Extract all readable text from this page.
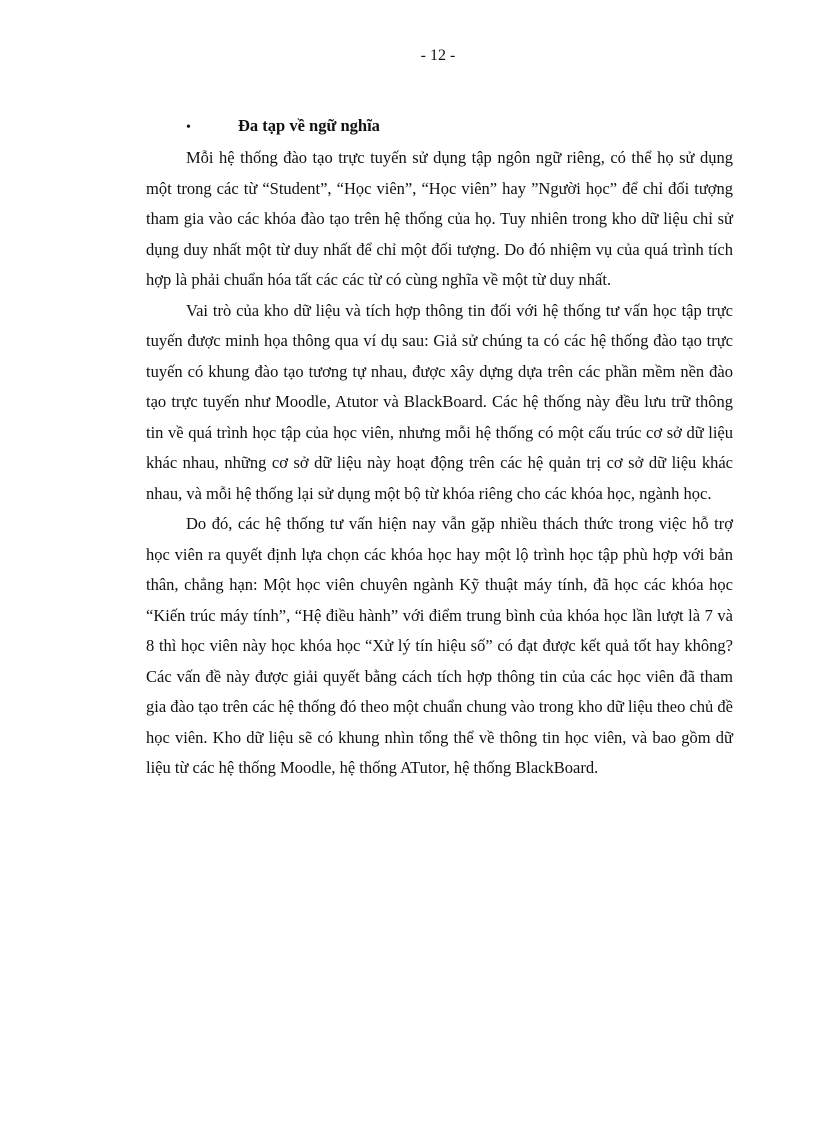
- 12 -
•	Đa tạp về ngữ nghĩa

Mỗi hệ thống đào tạo trực tuyến sử dụng tập ngôn ngữ riêng, có thể họ sử dụng một trong các từ “Student”, “Học viên”, “Học viên” hay ”Người học” để chỉ đối tượng tham gia vào các khóa đào tạo trên hệ thống của họ. Tuy nhiên trong kho dữ liệu chỉ sử dụng duy nhất một từ duy nhất để chỉ một đối tượng. Do đó nhiệm vụ của quá trình tích hợp là phải chuẩn hóa tất các các từ có cùng nghĩa về một từ duy nhất.

Vai trò của kho dữ liệu và tích hợp thông tin đối với hệ thống tư vấn học tập trực tuyến được minh họa thông qua ví dụ sau: Giả sử chúng ta có các hệ thống đào tạo trực tuyến có khung đào tạo tương tự nhau, được xây dựng dựa trên các phần mềm nền đào tạo trực tuyến như Moodle, Atutor và BlackBoard. Các hệ thống này đều lưu trữ thông tin về quá trình học tập của học viên, nhưng mỗi hệ thống có một cấu trúc cơ sở dữ liệu khác nhau, những cơ sở dữ liệu này hoạt động trên các hệ quản trị cơ sở dữ liệu khác nhau, và mỗi hệ thống lại sử dụng một bộ từ khóa riêng cho các khóa học, ngành học.

Do đó, các hệ thống tư vấn hiện nay vẫn gặp nhiều thách thức trong việc hỗ trợ học viên ra quyết định lựa chọn các khóa học hay một lộ trình học tập phù hợp với bản thân, chẳng hạn: Một học viên chuyên ngành Kỹ thuật máy tính, đã học các khóa học “Kiến trúc máy tính”, “Hệ điều hành” với điểm trung bình của khóa học lần lượt là 7 và 8 thì học viên này học khóa học “Xử lý tín hiệu số” có đạt được kết quả tốt hay không? Các vấn đề này được giải quyết bằng cách tích hợp thông tin của các học viên đã tham gia đào tạo trên các hệ thống đó theo một chuẩn chung vào trong kho dữ liệu theo chủ đề học viên. Kho dữ liệu sẽ có khung nhìn tổng thể về thông tin học viên, và bao gồm dữ liệu từ các hệ thống Moodle, hệ thống ATutor, hệ thống BlackBoard.
